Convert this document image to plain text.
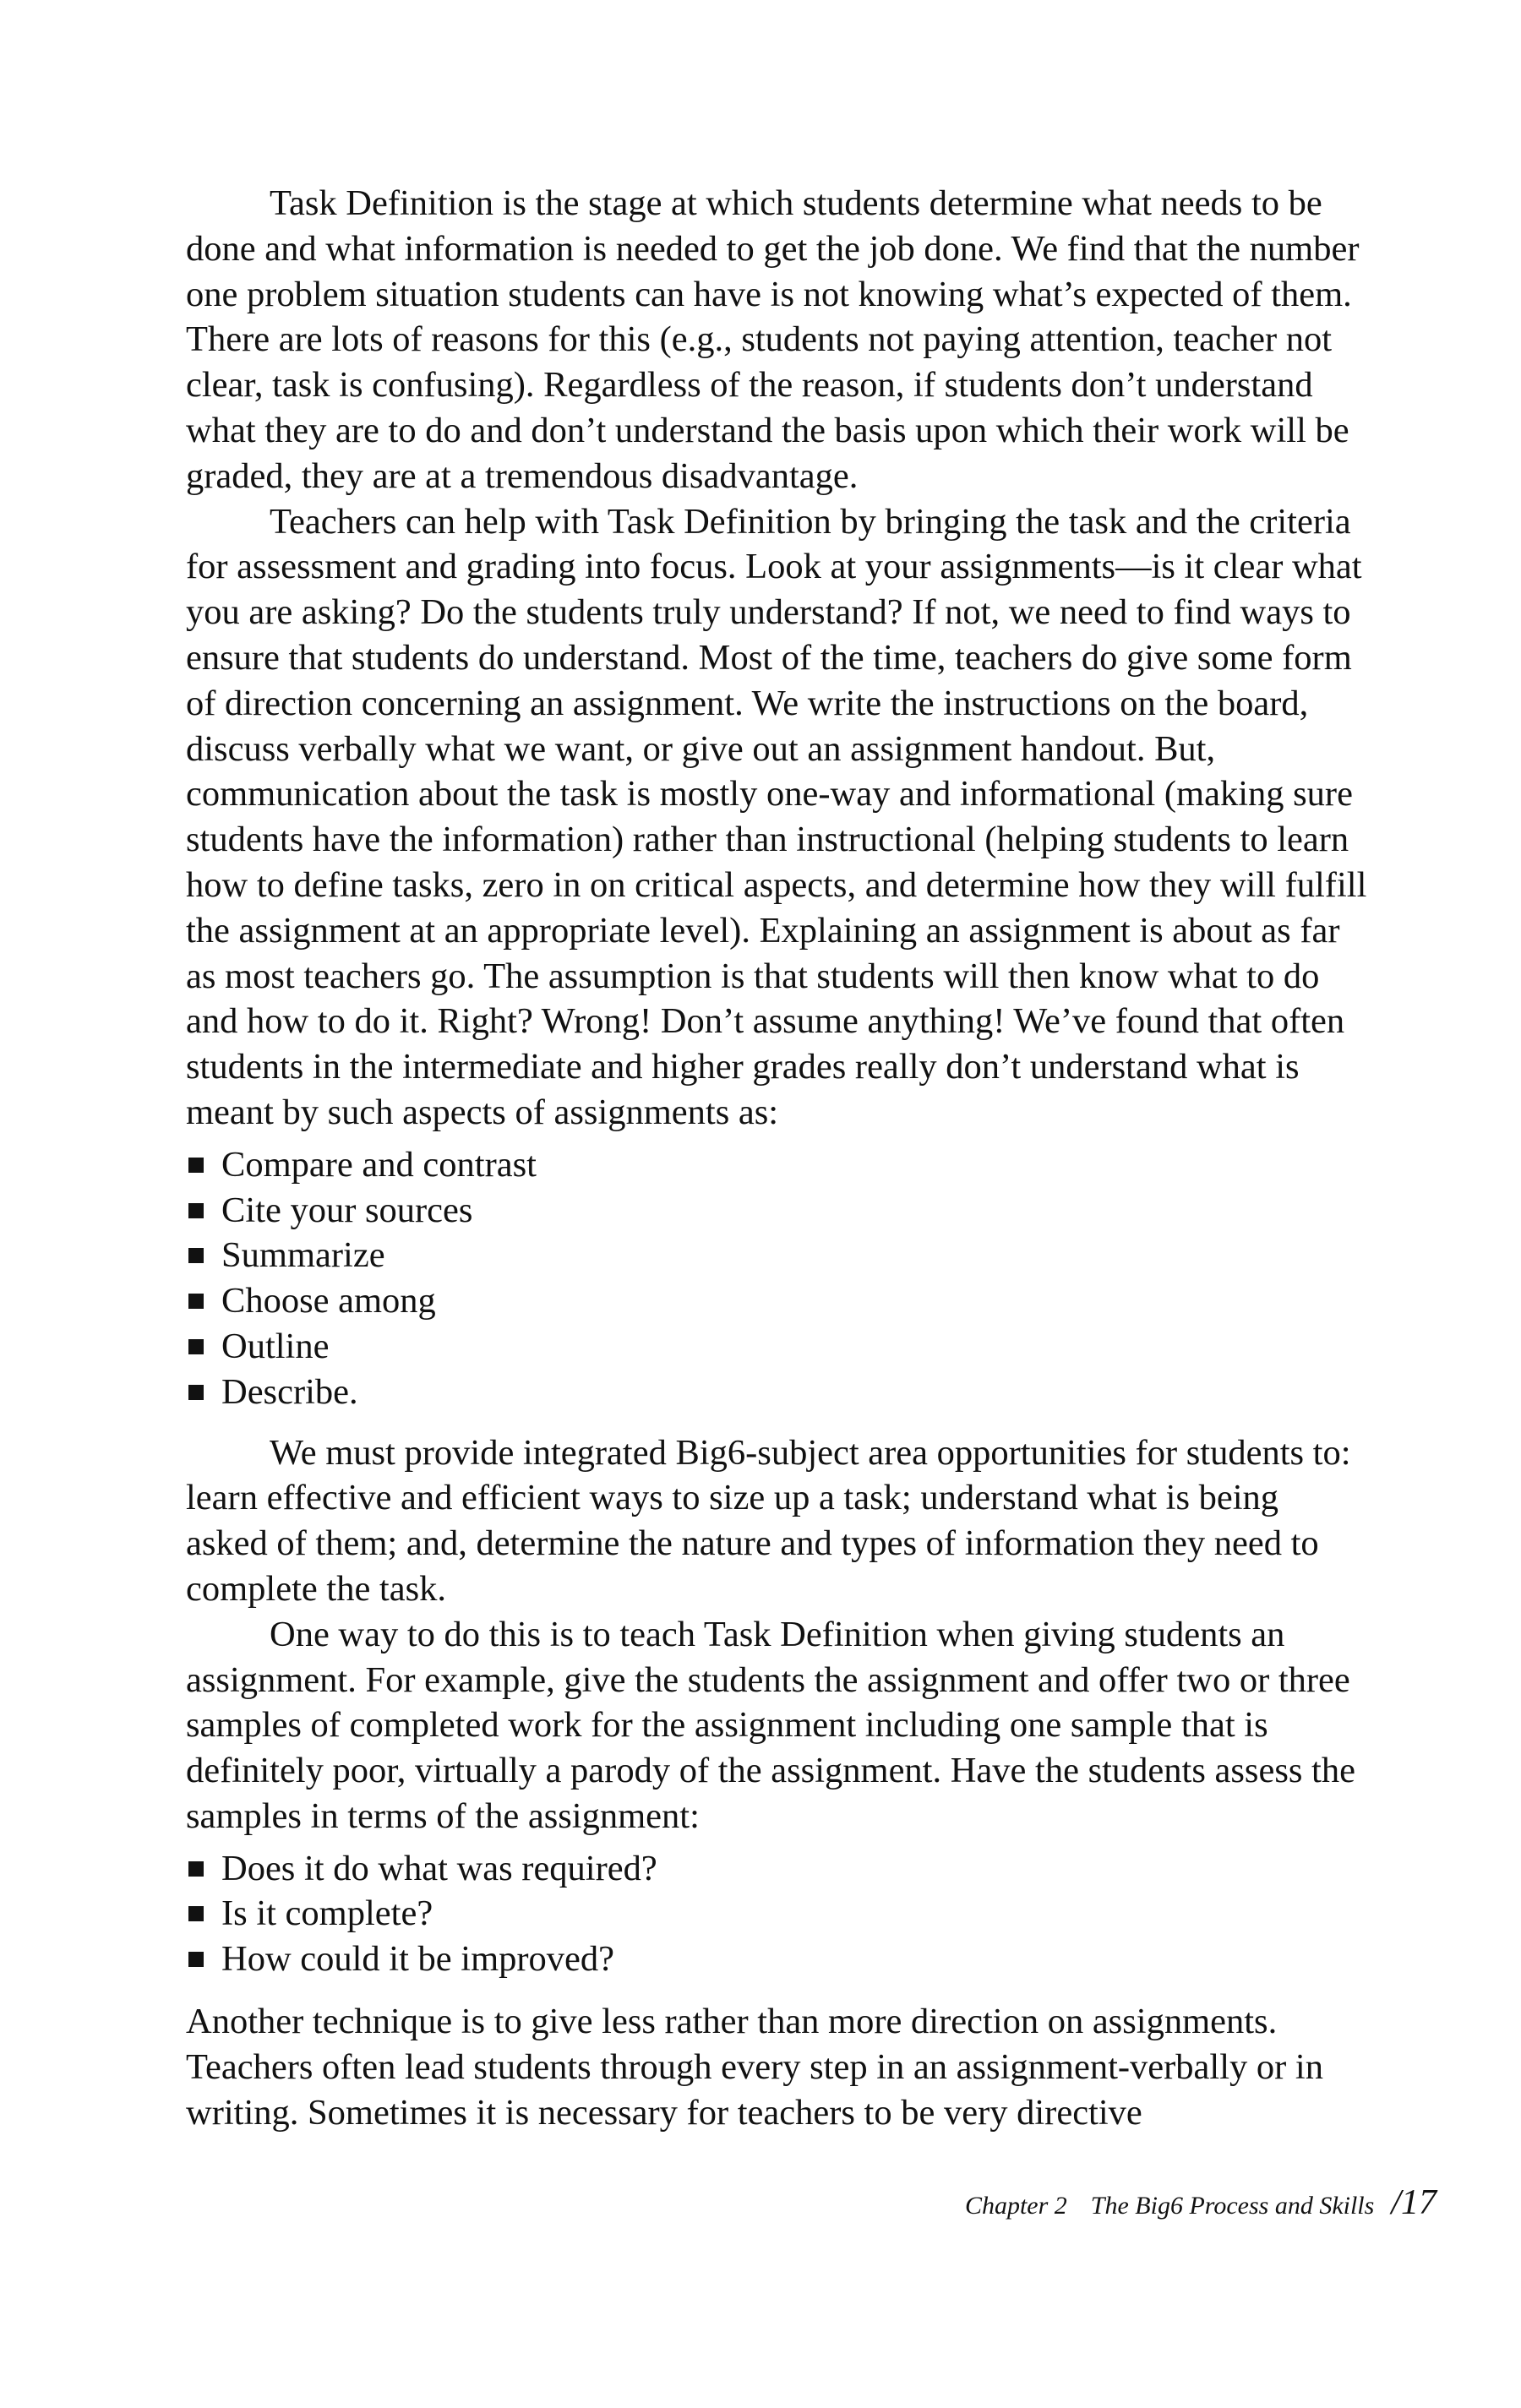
Task Definition is the stage at which students determine what needs to be done and what information is needed to get the job done. We find that the number one problem situation students can have is not knowing what’s expected of them. There are lots of reasons for this (e.g., students not paying attention, teacher not clear, task is confusing). Regardless of the reason, if students don’t understand what they are to do and don’t understand the basis upon which their work will be graded, they are at a tremendous disadvantage.

Teachers can help with Task Definition by bringing the task and the criteria for assessment and grading into focus. Look at your assignments—is it clear what you are asking? Do the students truly understand? If not, we need to find ways to ensure that students do understand. Most of the time, teachers do give some form of direction concerning an assignment. We write the instructions on the board, discuss verbally what we want, or give out an assignment handout. But, communication about the task is mostly one-way and informational (making sure students have the information) rather than instructional (helping students to learn how to define tasks, zero in on critical aspects, and determine how they will fulfill the assignment at an appropriate level). Explaining an assignment is about as far as most teachers go. The assumption is that students will then know what to do and how to do it. Right? Wrong! Don’t assume anything! We’ve found that often students in the intermediate and higher grades really don’t understand what is meant by such aspects of assignments as:

Compare and contrast
Cite your sources
Summarize
Choose among
Outline
Describe.

We must provide integrated Big6-subject area opportunities for students to: learn effective and efficient ways to size up a task; understand what is being asked of them; and, determine the nature and types of information they need to complete the task.

One way to do this is to teach Task Definition when giving students an assignment. For example, give the students the assignment and offer two or three samples of completed work for the assignment including one sample that is definitely poor, virtually a parody of the assignment. Have the students assess the samples in terms of the assignment:

Does it do what was required?
Is it complete?
How could it be improved?

Another technique is to give less rather than more direction on assignments. Teachers often lead students through every step in an assignment-verbally or in writing. Sometimes it is necessary for teachers to be very directive

Chapter 2 The Big6 Process and Skills /17
